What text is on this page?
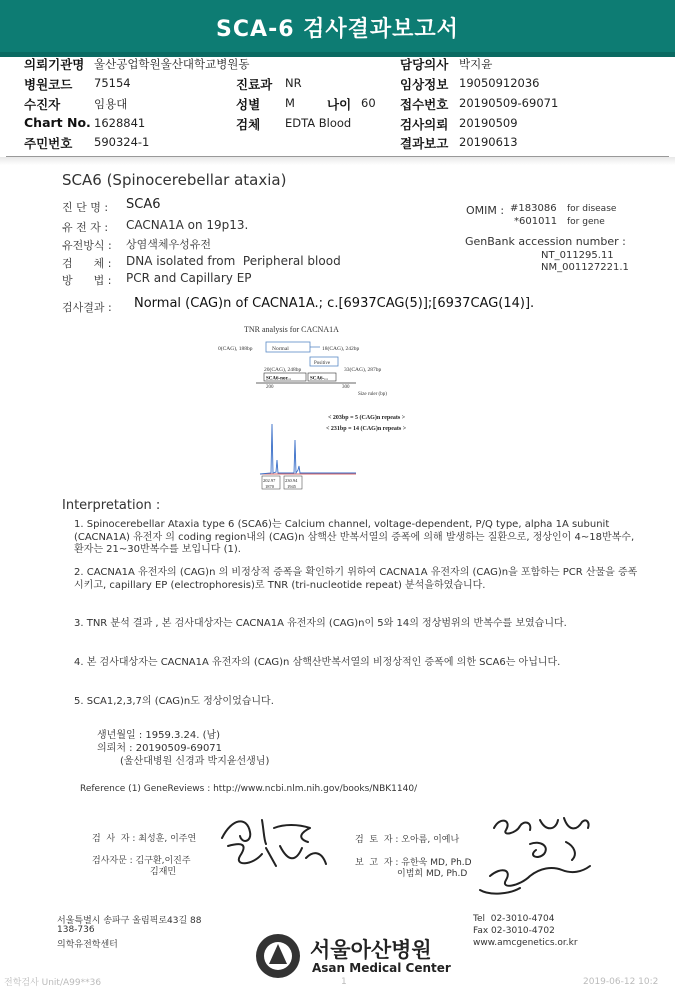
SCA-6 검사결과보고서
의뢰기관명 울산공업학원울산대학교병원동
병원코드 75154
수진자	임용대
Chart No. 1628841
주민번호 590324-1
진료과 NR
성별 M	나이 60
검체 EDTA Blood
담당의사 박지윤
임상정보 19050912036
접수번호 20190509-69071
검사의뢰 20190509
결과보고 20190613
SCA6 (Spinocerebellar ataxia)
진 단 명 : SCA6
유 전 자 : CACNA1A on 19p13.
유전방식 : 상염색체우성유전
검      체 : DNA isolated from  Peripheral blood
방      법 : PCR and Capillary EP
OMIM : #183086 for disease
*601011 for gene
GenBank accession number :
NT_011295.11
NM_001127221.1
검사결과 : Normal (CAG)n of CACNA1A.; c.[6937CAG(5)];[6937CAG(14)].
TNR analysis for CACNA1A
0(CAG), 188bp	Normal	18(CAG), 242bp
Positive
20(CAG), 248bp	33(CAG), 287bp
SCA6-nor...	SCA6-...
200	300
Size ruler (bp)
< 203bp = 5 (CAG)n repeats >
< 231bp = 14 (CAG)n repeats >
202.97
1870
230.94
1945
Interpretation :

1. Spinocerebellar Ataxia type 6 (SCA6)는 Calcium channel, voltage-dependent, P/Q type, alpha 1A subunit (CACNA1A) 유전자 의 coding region내의 (CAG)n 삼핵산 반복서열의 증폭에 의해 발생하는 질환으로, 정상인이 4~18반복수, 환자는 21~30반복수를 보입니다 (1).

2. CACNA1A 유전자의 (CAG)n 의 비정상적 증폭을 확인하기 위하여 CACNA1A 유전자의 (CAG)n을 포함하는 PCR 산물을 증폭시키고, capillary EP (electrophoresis)로 TNR (tri-nucleotide repeat) 분석을하였습니다.

3. TNR 분석 결과 , 본 검사대상자는 CACNA1A 유전자의 (CAG)n이 5와 14의 정상범위의 반복수를 보였습니다.

4. 본 검사대상자는 CACNA1A 유전자의 (CAG)n 삼핵산반복서열의 비정상적인 증폭에 의한 SCA6는 아닙니다.

5. SCA1,2,3,7의 (CAG)n도 정상이었습니다.

생년월일 : 1959.3.24. (남)
의뢰처 : 20190509-69071
(울산대병원 신경과 박지윤선생님)
Reference (1) GeneReviews : http://www.ncbi.nlm.nih.gov/books/NBK1140/
검  사  자 : 최성훈, 이주연	검  토  자 : 오아름, 이예나
검사자문 : 김구환,이진주
김재민
보  고  자 : 유한욱 MD, Ph.D
이범희 MD, Ph.D
서울특별시 송파구 올림픽로43길 88
138-736
의학유전학센터	서울아산병원
Asan Medical Center
Tel  02-3010-4704
Fax 02-3010-4702
www.amcgenetics.or.kr
전학검사 Unit/A99**36	1	2019-06-12 10:2
